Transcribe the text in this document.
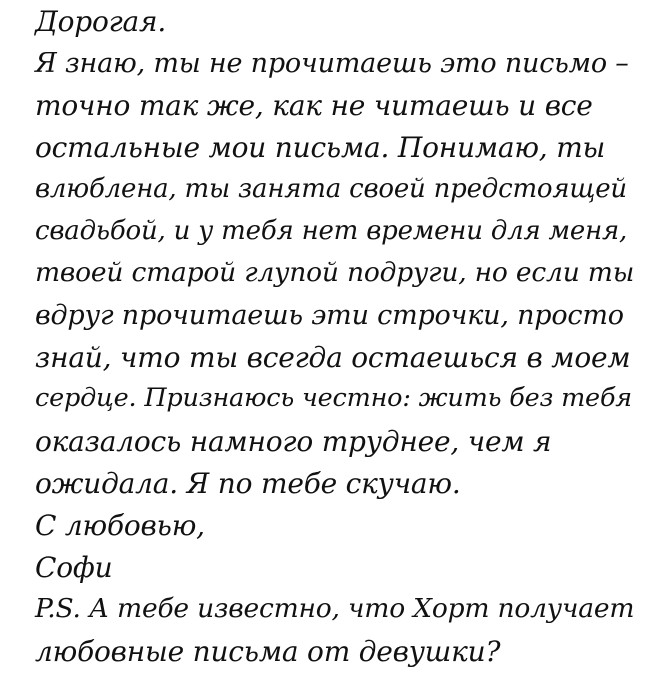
Дорогая.
Я знаю, ты не прочитаешь это письмо –
точно так же, как не читаешь и все
остальные мои письма. Понимаю, ты
влюблена, ты занята своей предстоящей
свадьбой, и у тебя нет времени для меня,
твоей старой глупой подруги, но если ты
вдруг прочитаешь эти строчки, просто
знай, что ты всегда остаешься в моем
сердце. Признаюсь честно: жить без тебя
оказалось намного труднее, чем я
ожидала. Я по тебе скучаю.
С любовью,
Софи
P.S. А тебе известно, что Хорт получает
любовные письма от девушки?
